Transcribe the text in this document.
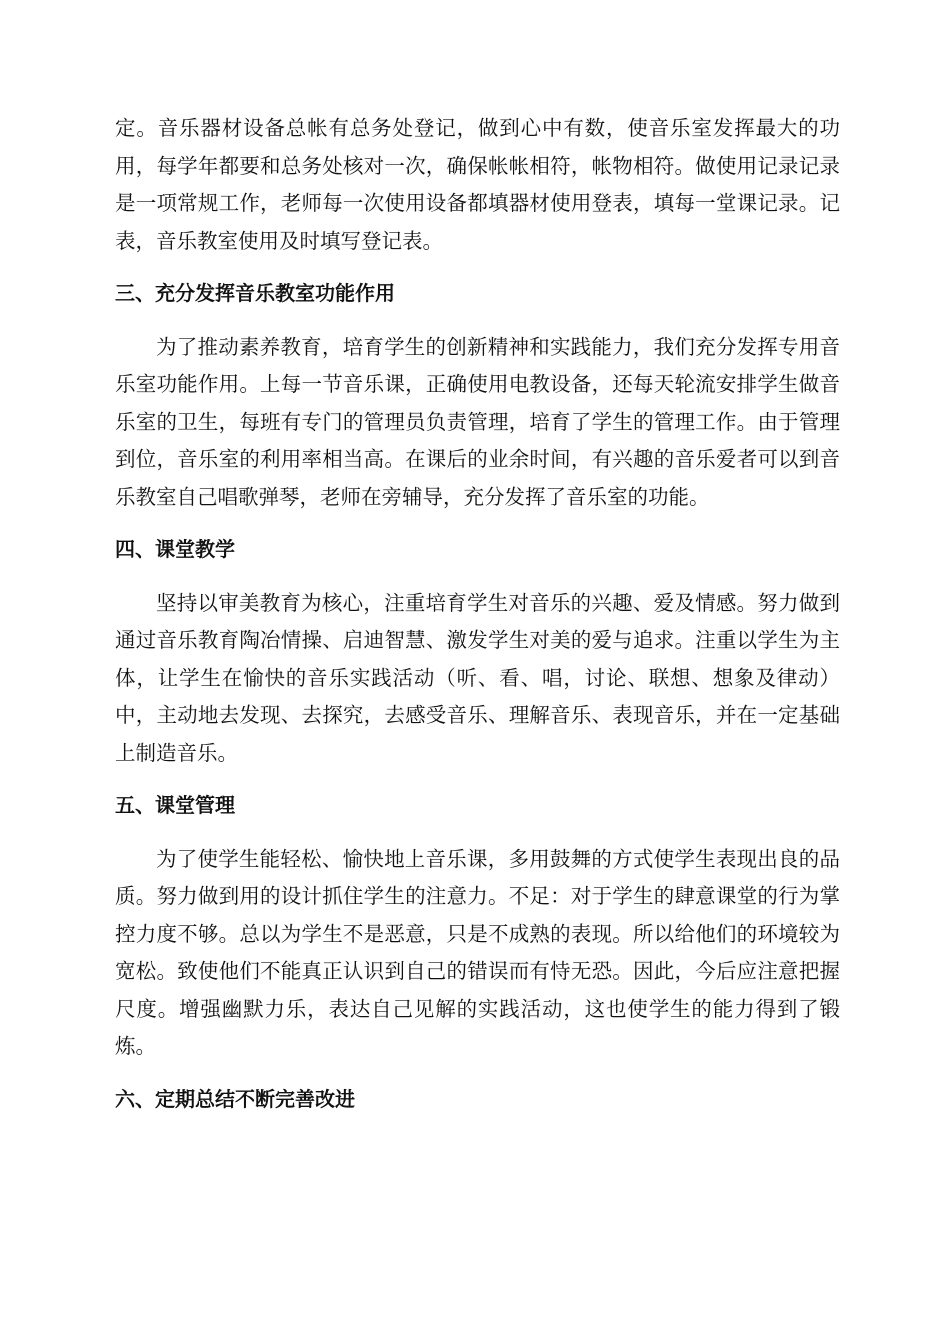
定。音乐器材设备总帐有总务处登记，做到心中有数，使音乐室发挥最大的功用，每学年都要和总务处核对一次，确保帐帐相符，帐物相符。做使用记录记录是一项常规工作，老师每一次使用设备都填器材使用登表，填每一堂课记录。记表，音乐教室使用及时填写登记表。

三、充分发挥音乐教室功能作用

为了推动素养教育，培育学生的创新精神和实践能力，我们充分发挥专用音乐室功能作用。上每一节音乐课，正确使用电教设备，还每天轮流安排学生做音乐室的卫生，每班有专门的管理员负责管理，培育了学生的管理工作。由于管理到位，音乐室的利用率相当高。在课后的业余时间，有兴趣的音乐爱者可以到音乐教室自己唱歌弹琴，老师在旁辅导，充分发挥了音乐室的功能。

四、课堂教学

坚持以审美教育为核心，注重培育学生对音乐的兴趣、爱及情感。努力做到通过音乐教育陶冶情操、启迪智慧、激发学生对美的爱与追求。注重以学生为主体，让学生在愉快的音乐实践活动（听、看、唱，讨论、联想、想象及律动）中，主动地去发现、去探究，去感受音乐、理解音乐、表现音乐，并在一定基础上制造音乐。

五、课堂管理

为了使学生能轻松、愉快地上音乐课，多用鼓舞的方式使学生表现出良的品质。努力做到用的设计抓住学生的注意力。不足：对于学生的肆意课堂的行为掌控力度不够。总以为学生不是恶意，只是不成熟的表现。所以给他们的环境较为宽松。致使他们不能真正认识到自己的错误而有恃无恐。因此，今后应注意把握尺度。增强幽默力乐，表达自己见解的实践活动，这也使学生的能力得到了锻炼。

六、定期总结不断完善改进
